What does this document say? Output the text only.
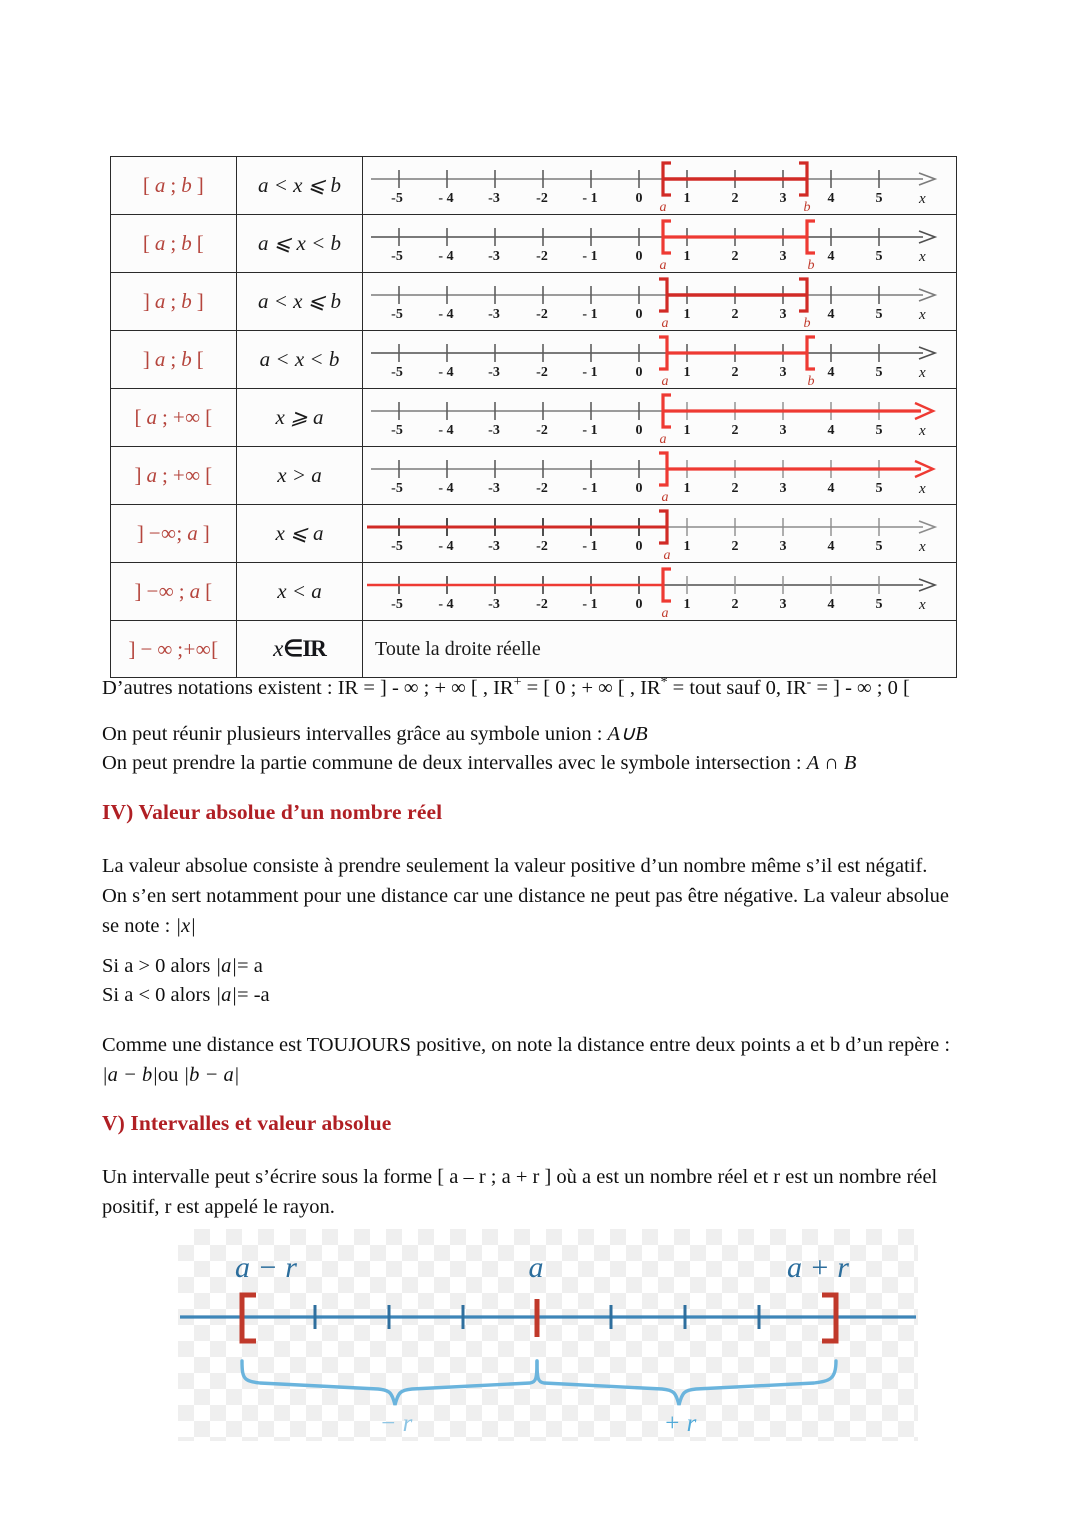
[ a ; b ]	a < x ⩽ b	
-5	- 4 -3	-2 - 1	0	1	2	3	4	5 x
a	b

[ a ; b [	a ⩽ x < b	
-5	- 4 -3	-2 - 1	0	1	2	3	4	5 x
a	b

] a ; b ]	a < x ⩽ b	
-5	- 4 -3	-2 - 1	0	1	2	3	4	5 x
a	b

] a ; b [	a < x < b	
-5	- 4 -3	-2 - 1	0	1	2	3	4	5 x
a	b

[ a ; +∞ [	x ⩾ a	
-5	- 4 -3	-2 - 1	0	1	2	3	4	5 x
a

] a ; +∞ [	x > a	
-5	- 4 -3	-2 - 1	0	1	2	3	4	5 x
a

] −∞; a ]	x ⩽ a	
-5	- 4 -3	-2 - 1	0	1	2	3	4	5 x
a

] −∞ ; a [	x < a	
-5	- 4 -3	-2 - 1	0	1	2	3	4	5 x
a

] − ∞ ;+∞[	x∈IR	Toute la droite réelle
D’autres notations existent : IR = ] - ∞ ; + ∞ [ , IR+ = [ 0 ; + ∞ [ , IR* = tout sauf 0, IR- = ] - ∞ ; 0 [
On peut réunir plusieurs intervalles grâce au symbole union : A∪B
On peut prendre la partie commune de deux intervalles avec le symbole intersection : A ∩ B
IV) Valeur absolue d’un nombre réel
La valeur absolue consiste à prendre seulement la valeur positive d’un nombre même s’il est négatif. On s’en sert notamment pour une distance car une distance ne peut pas être négative. La valeur absolue se note : |x|
Si a > 0 alors |a|= a
Si a < 0 alors |a|= -a
Comme une distance est TOUJOURS positive, on note la distance entre deux points a et b d’un repère : |a − b|ou |b − a|
V) Intervalles et valeur absolue
Un intervalle peut s’écrire sous la forme [ a – r ; a + r ] où a est un nombre réel et r est un nombre réel positif, r est appelé le rayon.
a − r	a	a + r
− r	+ r
